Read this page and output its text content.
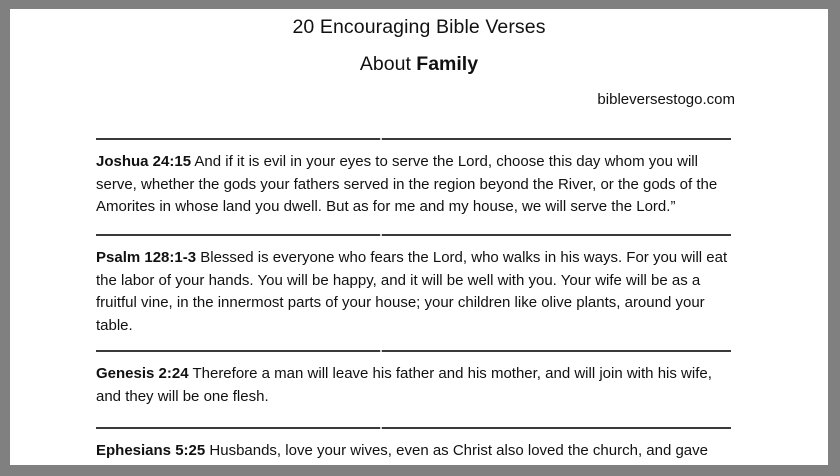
20 Encouraging Bible Verses
About Family
bibleversestogo.com
Joshua 24:15 And if it is evil in your eyes to serve the Lord, choose this day whom you will serve, whether the gods your fathers served in the region beyond the River, or the gods of the Amorites in whose land you dwell. But as for me and my house, we will serve the Lord.”
Psalm 128:1-3 Blessed is everyone who fears the Lord, who walks in his ways. For you will eat the labor of your hands. You will be happy, and it will be well with you. Your wife will be as a fruitful vine, in the innermost parts of your house; your children like olive plants, around your table.
Genesis 2:24 Therefore a man will leave his father and his mother, and will join with his wife, and they will be one flesh.
Ephesians 5:25 Husbands, love your wives, even as Christ also loved the church, and gave
